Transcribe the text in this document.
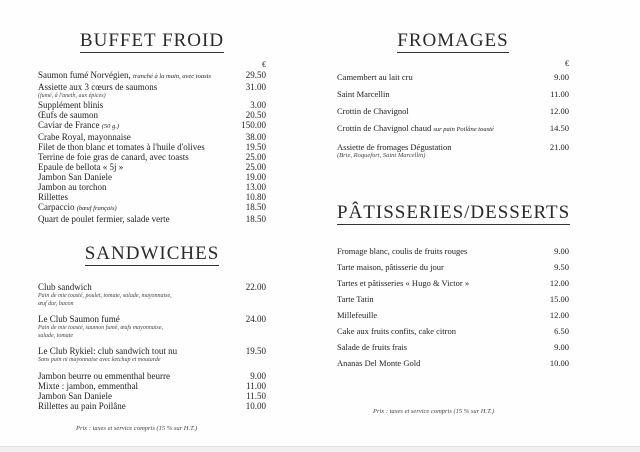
BUFFET FROID
€
Saumon fumé Norvégien, tranché à la main, avec toasts	29.50
Assiette aux 3 cœurs de saumons	31.00
(fumé, à l'aneth, aux épices)
Supplément blinis	3.00
Œufs de saumon	20.50
Caviar de France (50 g.)	150.00
Crabe Royal, mayonnaise	38.00
Filet de thon blanc et tomates à l'huile d'olives	19.50
Terrine de foie gras de canard, avec toasts	25.00
Epaule de bellota « 5j »	25.00
Jambon San Daniele	19.00
Jambon au torchon	13.00
Rillettes	10.80
Carpaccio (bœuf français)	18.50
Quart de poulet fermier, salade verte	18.50
SANDWICHES
Club sandwich	22.00
Pain de mie toasté, poulet, tomate, salade, mayonnaise,
œuf dur, bacon
Le Club Saumon fumé	24.00
Pain de mie toasté, saumon fumé, œufs mayonnaise,
salade, tomate
Le Club Rykiel: club sandwich tout nu	19.50
Sans pain ni mayonnaise avec ketchup et moutarde
Jambon beurre ou emmenthal beurre	9.00
Mixte : jambon, emmenthal	11.00
Jambon San Daniele	11.50
Rillettes au pain Poilâne	10.00
Prix : taxes et service compris (15 % sur H.T.)
FROMAGES
€
Camembert au lait cru	9.00
Saint Marcellin	11.00
Crottin de Chavignol	12.00
Crottin de Chavignol chaud sur pain Poilâne toasté	14.50
Assiette de fromages Dégustation	21.00
(Brie, Roquefort, Saint Marcellin)
PÂTISSERIES/DESSERTS
Fromage blanc, coulis de fruits rouges	9.00
Tarte maison, pâtisserie du jour	9.50
Tartes et pâtisseries « Hugo & Victor »	12.00
Tarte Tatin	15.00
Millefeuille	12.00
Cake aux fruits confits, cake citron	6.50
Salade de fruits frais	9.00
Ananas Del Monte Gold	10.00
Prix : taxes et service compris (15 % sur H.T.)
